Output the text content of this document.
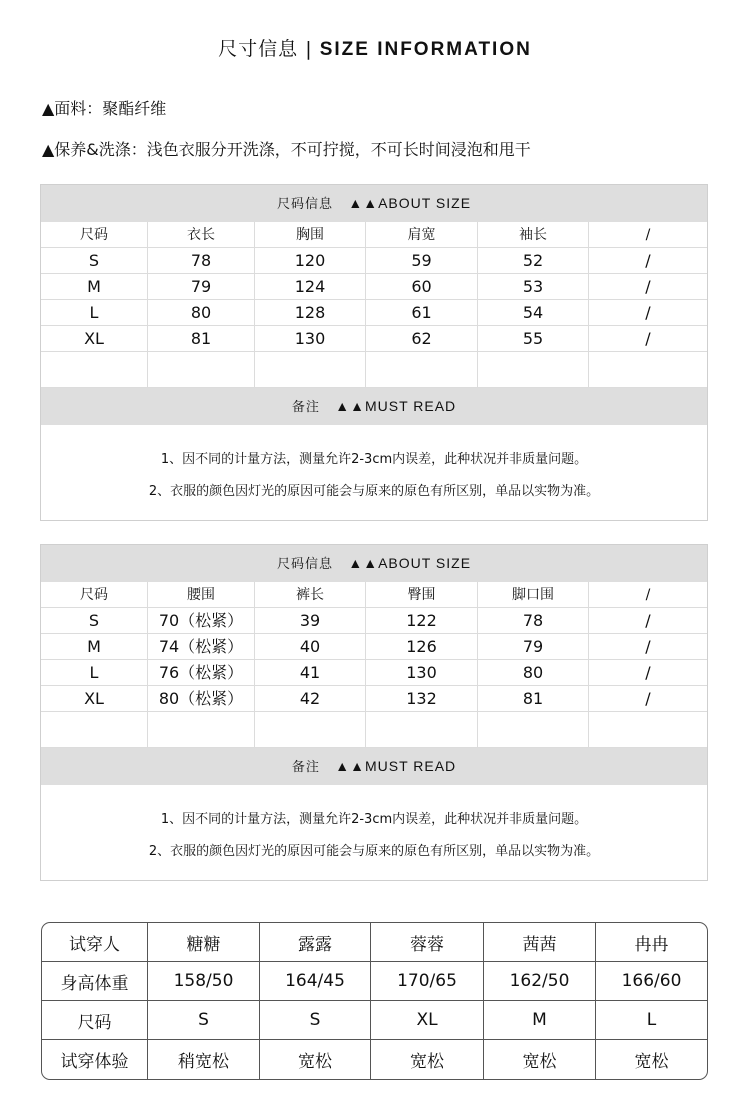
尺寸信息 | SIZE INFORMATION
▲面料：聚酯纤维
▲保养&洗涤：浅色衣服分开洗涤，不可拧搅，不可长时间浸泡和甩干
尺码信息 ▲▲ABOUT SIZE
尺码	衣长	胸围	肩宽	袖长	/
S	78	120	59	52	/
M	79	124	60	53	/
L	80	128	61	54	/
XL	81	130	62	55	/
备注 ▲▲MUST READ
1、因不同的计量方法，测量允许2-3cm内误差，此种状况并非质量问题。
2、衣服的颜色因灯光的原因可能会与原来的原色有所区别，单品以实物为准。
尺码信息 ▲▲ABOUT SIZE
尺码	腰围	裤长	臀围	脚口围	/
S	70（松紧）	39	122	78	/
M	74（松紧）	40	126	79	/
L	76（松紧）	41	130	80	/
XL	80（松紧）	42	132	81	/
备注 ▲▲MUST READ
1、因不同的计量方法，测量允许2-3cm内误差，此种状况并非质量问题。
2、衣服的颜色因灯光的原因可能会与原来的原色有所区别，单品以实物为准。
试穿人	糖糖	露露	蓉蓉	茜茜	冉冉
身高体重	158/50	164/45	170/65	162/50	166/60
尺码	S	S	XL	M	L
试穿体验	稍宽松	宽松	宽松	宽松	宽松
